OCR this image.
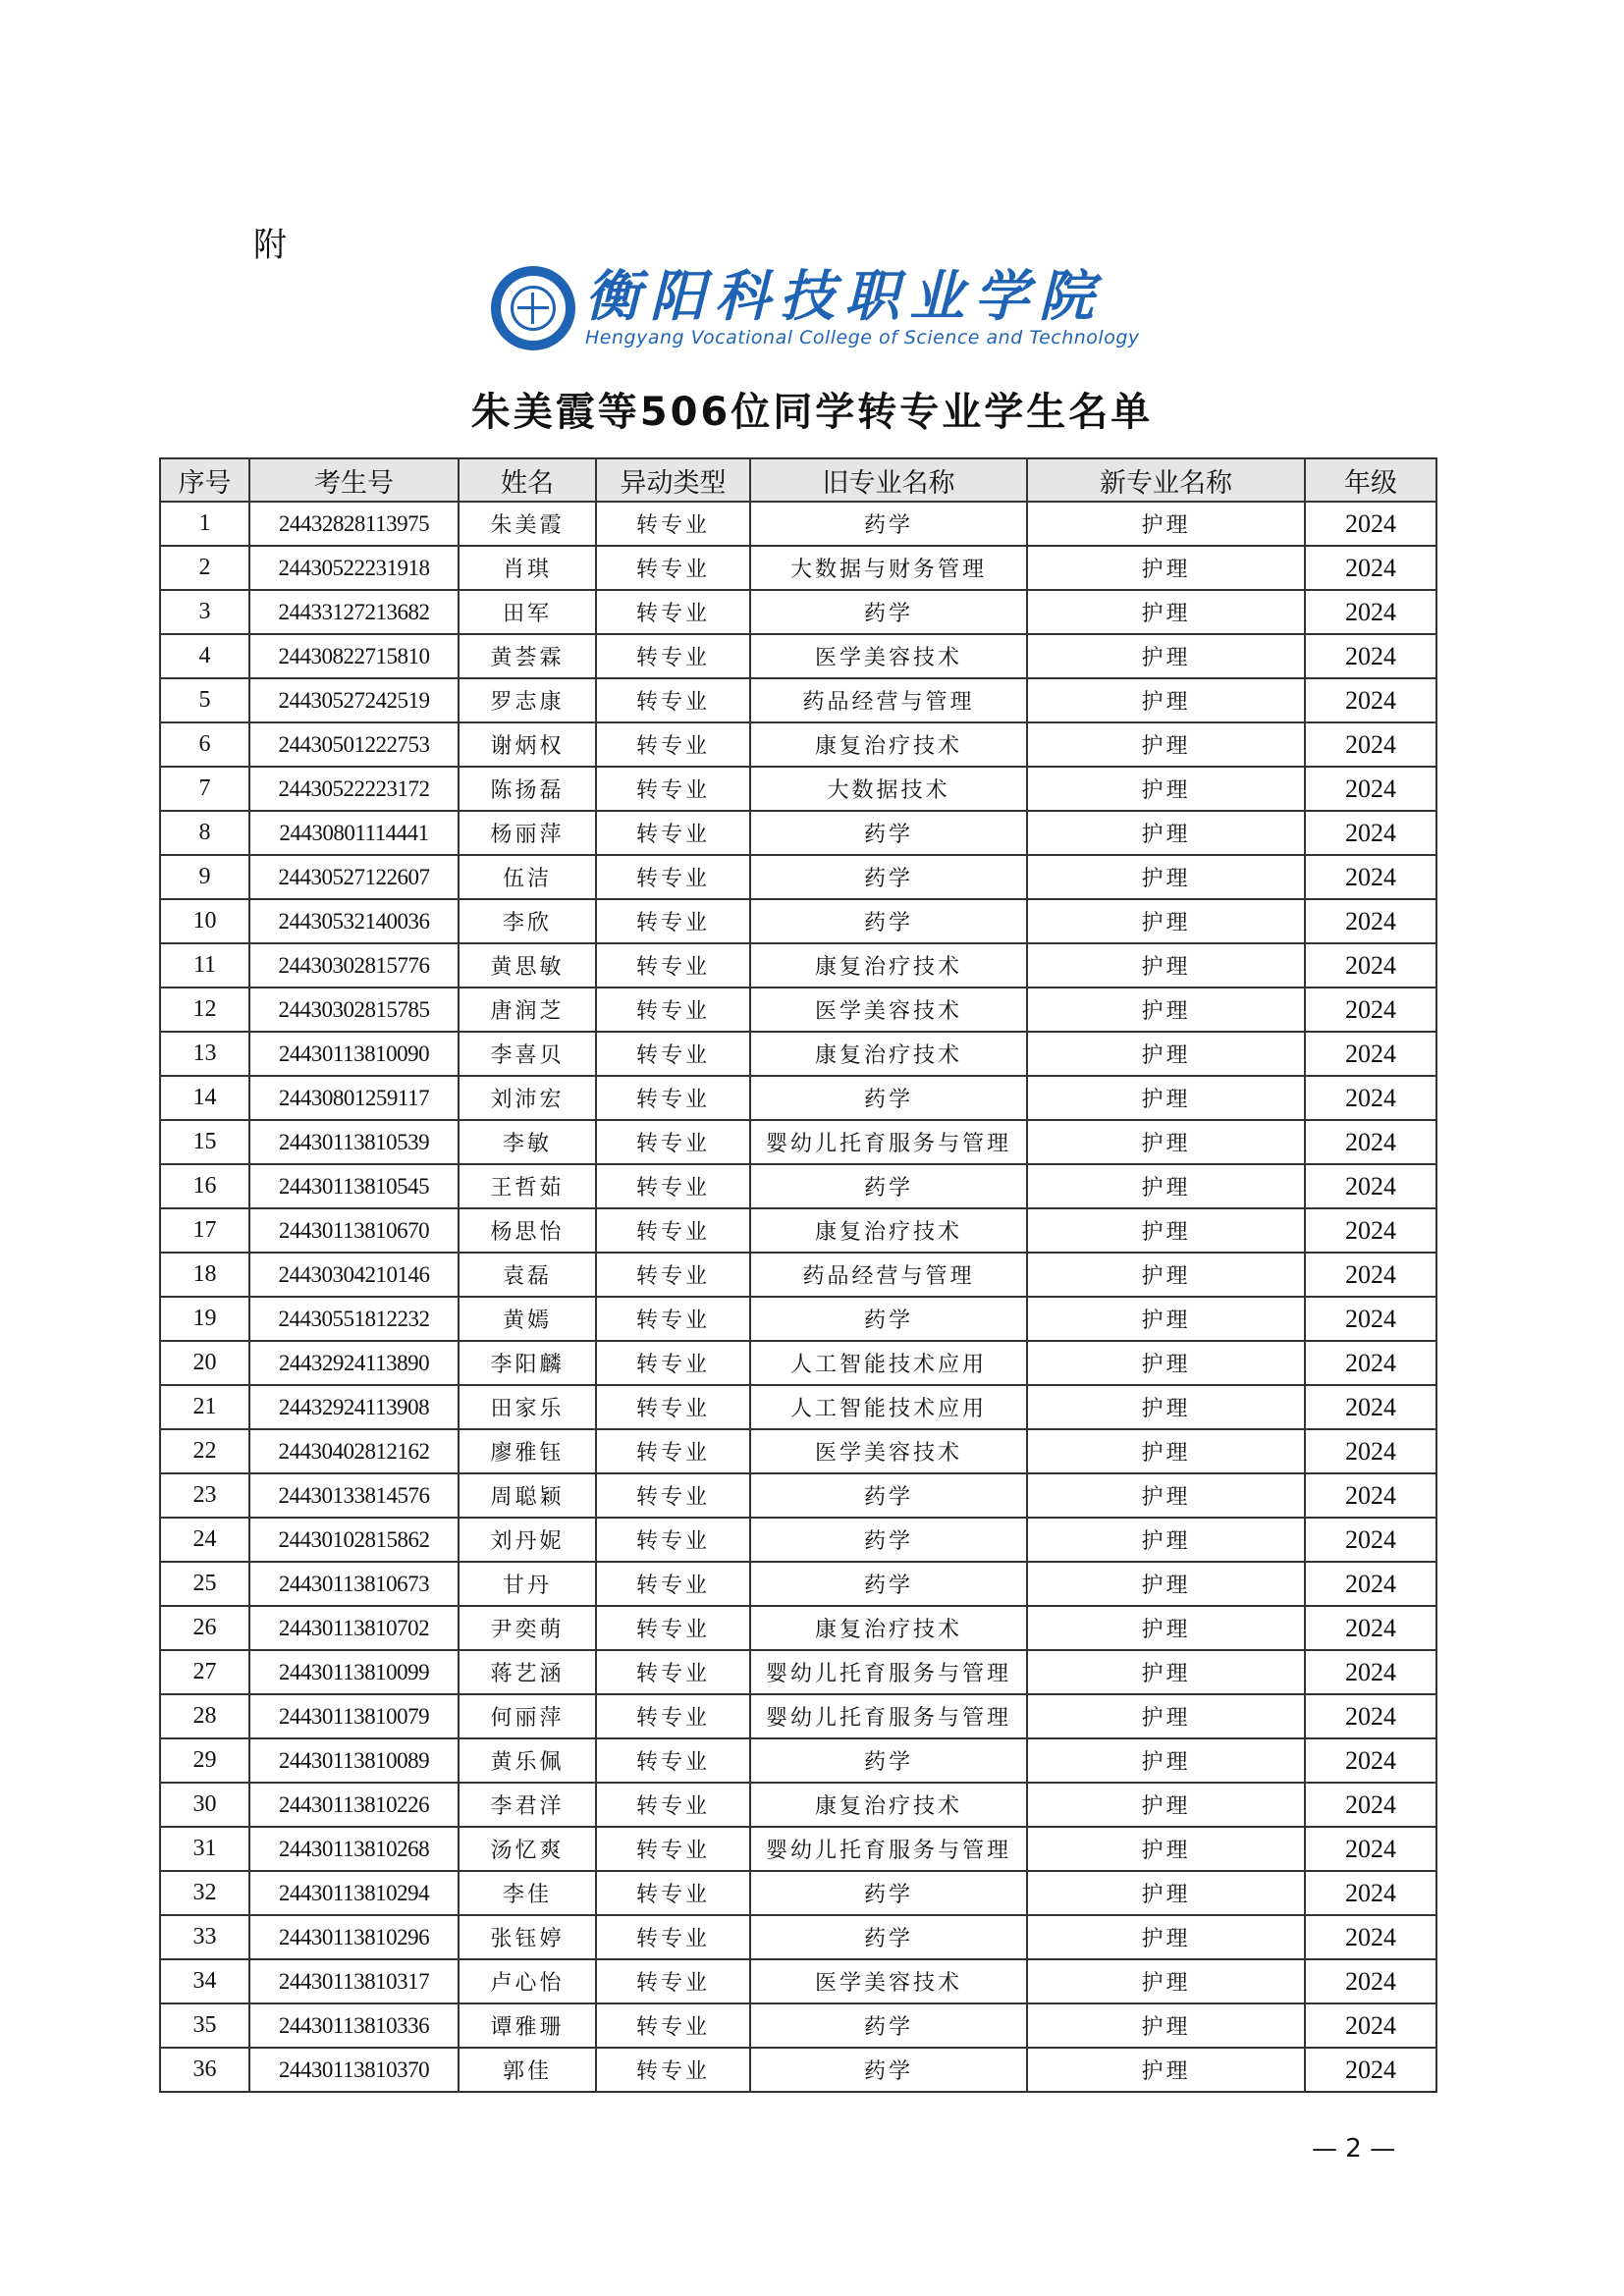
附
衡阳科技职业学院
Hengyang Vocational College of Science and Technology
朱美霞等506位同学转专业学生名单
序号	考生号	姓名	异动类型	旧专业名称	新专业名称	年级
1	24432828113975	朱美霞	转专业	药学	护理	2024
2	24430522231918	肖琪	转专业	大数据与财务管理	护理	2024
3	24433127213682	田军	转专业	药学	护理	2024
4	24430822715810	黄荟霖	转专业	医学美容技术	护理	2024
5	24430527242519	罗志康	转专业	药品经营与管理	护理	2024
6	24430501222753	谢炳权	转专业	康复治疗技术	护理	2024
7	24430522223172	陈扬磊	转专业	大数据技术	护理	2024
8	24430801114441	杨丽萍	转专业	药学	护理	2024
9	24430527122607	伍洁	转专业	药学	护理	2024
10	24430532140036	李欣	转专业	药学	护理	2024
11	24430302815776	黄思敏	转专业	康复治疗技术	护理	2024
12	24430302815785	唐润芝	转专业	医学美容技术	护理	2024
13	24430113810090	李喜贝	转专业	康复治疗技术	护理	2024
14	24430801259117	刘沛宏	转专业	药学	护理	2024
15	24430113810539	李敏	转专业	婴幼儿托育服务与管理	护理	2024
16	24430113810545	王哲茹	转专业	药学	护理	2024
17	24430113810670	杨思怡	转专业	康复治疗技术	护理	2024
18	24430304210146	袁磊	转专业	药品经营与管理	护理	2024
19	24430551812232	黄嫣	转专业	药学	护理	2024
20	24432924113890	李阳麟	转专业	人工智能技术应用	护理	2024
21	24432924113908	田家乐	转专业	人工智能技术应用	护理	2024
22	24430402812162	廖雅钰	转专业	医学美容技术	护理	2024
23	24430133814576	周聪颖	转专业	药学	护理	2024
24	24430102815862	刘丹妮	转专业	药学	护理	2024
25	24430113810673	甘丹	转专业	药学	护理	2024
26	24430113810702	尹奕萌	转专业	康复治疗技术	护理	2024
27	24430113810099	蒋艺涵	转专业	婴幼儿托育服务与管理	护理	2024
28	24430113810079	何丽萍	转专业	婴幼儿托育服务与管理	护理	2024
29	24430113810089	黄乐佩	转专业	药学	护理	2024
30	24430113810226	李君洋	转专业	康复治疗技术	护理	2024
31	24430113810268	汤忆爽	转专业	婴幼儿托育服务与管理	护理	2024
32	24430113810294	李佳	转专业	药学	护理	2024
33	24430113810296	张钰婷	转专业	药学	护理	2024
34	24430113810317	卢心怡	转专业	医学美容技术	护理	2024
35	24430113810336	谭雅珊	转专业	药学	护理	2024
36	24430113810370	郭佳	转专业	药学	护理	2024
— 2 —
